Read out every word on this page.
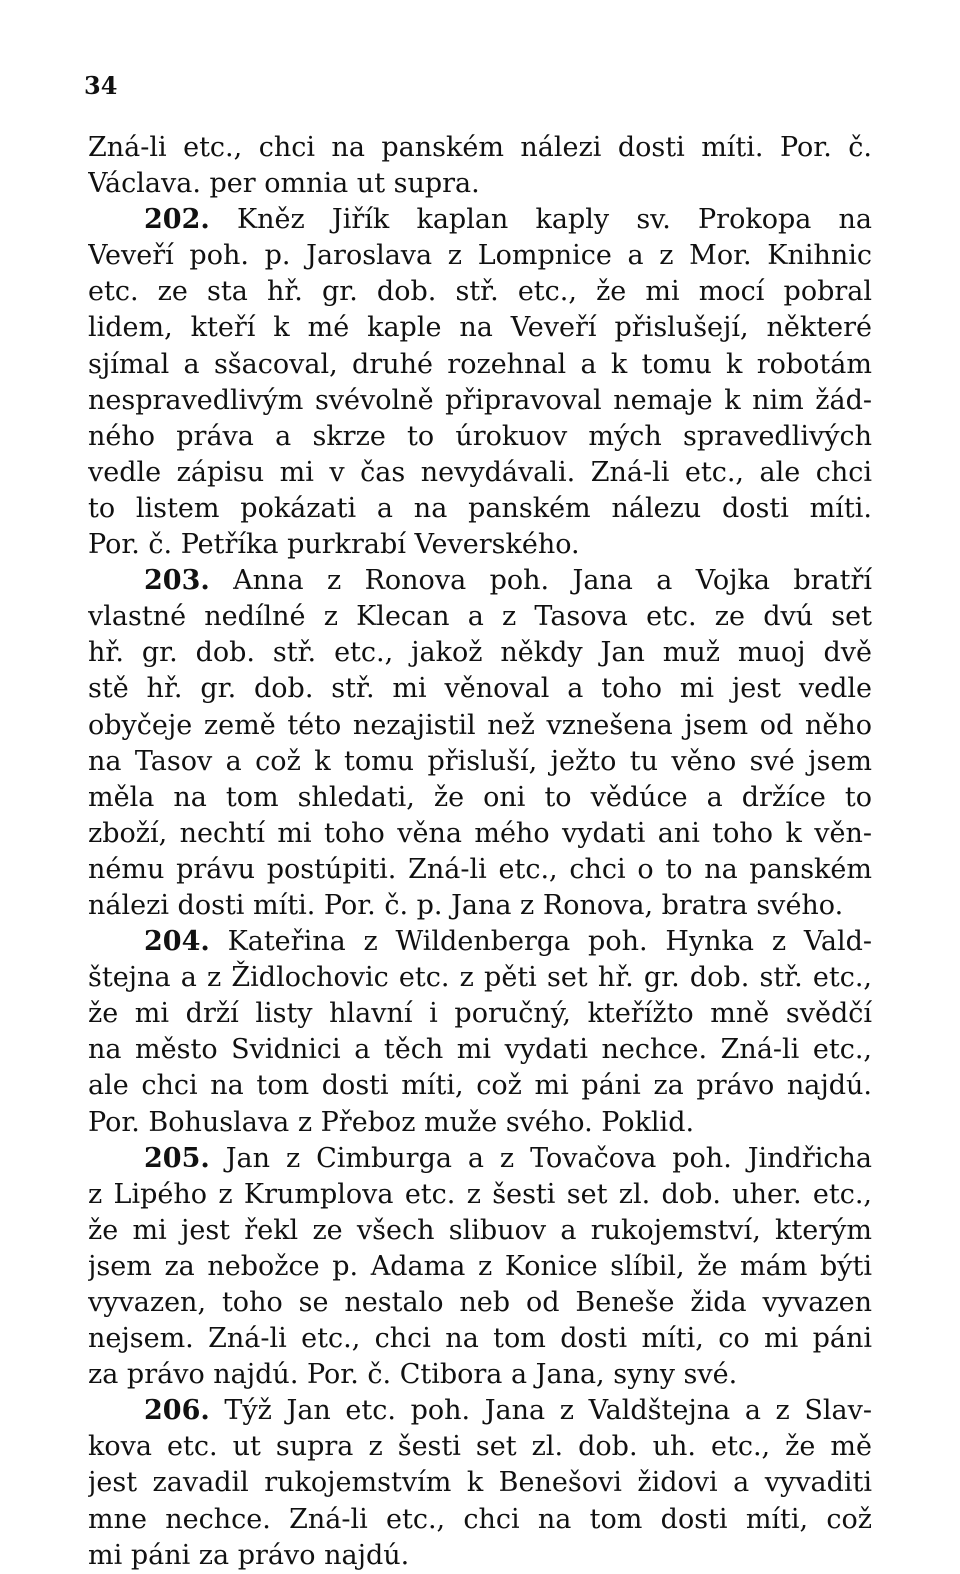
34
Zná-li etc., chci na panském nálezi dosti míti. Por. č.
Václava. per omnia ut supra.
202. Kněz Jiřík kaplan kaply sv. Prokopa na
Veveří poh. p. Jaroslava z Lompnice a z Mor. Knihnic
etc. ze sta hř. gr. dob. stř. etc., že mi mocí pobral
lidem, kteří k mé kaple na Veveří přislušejí, některé
sjímal a sšacoval, druhé rozehnal a k tomu k robotám
nespravedlivým svévolně připravoval nemaje k nim žád-
ného práva a skrze to úrokuov mých spravedlivých
vedle zápisu mi v čas nevydávali. Zná-li etc., ale chci
to listem pokázati a na panském nálezu dosti míti.
Por. č. Petříka purkrabí Veverského.
203. Anna z Ronova poh. Jana a Vojka bratří
vlastné nedílné z Klecan a z Tasova etc. ze dvú set
hř. gr. dob. stř. etc., jakož někdy Jan muž muoj dvě
stě hř. gr. dob. stř. mi věnoval a toho mi jest vedle
obyčeje země této nezajistil než vznešena jsem od něho
na Tasov a což k tomu přisluší, ježto tu věno své jsem
měla na tom shledati, že oni to vědúce a držíce to
zboží, nechtí mi toho věna mého vydati ani toho k věn-
nému právu postúpiti. Zná-li etc., chci o to na panském
nálezi dosti míti. Por. č. p. Jana z Ronova, bratra svého.
204. Kateřina z Wildenberga poh. Hynka z Vald-
štejna a z Židlochovic etc. z pěti set hř. gr. dob. stř. etc.,
že mi drží listy hlavní i poručný, kteřížto mně svědčí
na město Svidnici a těch mi vydati nechce. Zná-li etc.,
ale chci na tom dosti míti, což mi páni za právo najdú.
Por. Bohuslava z Přeboz muže svého. Poklid.
205. Jan z Cimburga a z Tovačova poh. Jindřicha
z Lipého z Krumplova etc. z šesti set zl. dob. uher. etc.,
že mi jest řekl ze všech slibuov a rukojemství, kterým
jsem za nebožce p. Adama z Konice slíbil, že mám býti
vyvazen, toho se nestalo neb od Beneše žida vyvazen
nejsem. Zná-li etc., chci na tom dosti míti, co mi páni
za právo najdú. Por. č. Ctibora a Jana, syny své.
206. Týž Jan etc. poh. Jana z Valdštejna a z Slav-
kova etc. ut supra z šesti set zl. dob. uh. etc., že mě
jest zavadil rukojemstvím k Benešovi židovi a vyvaditi
mne nechce. Zná-li etc., chci na tom dosti míti, což
mi páni za právo najdú.
